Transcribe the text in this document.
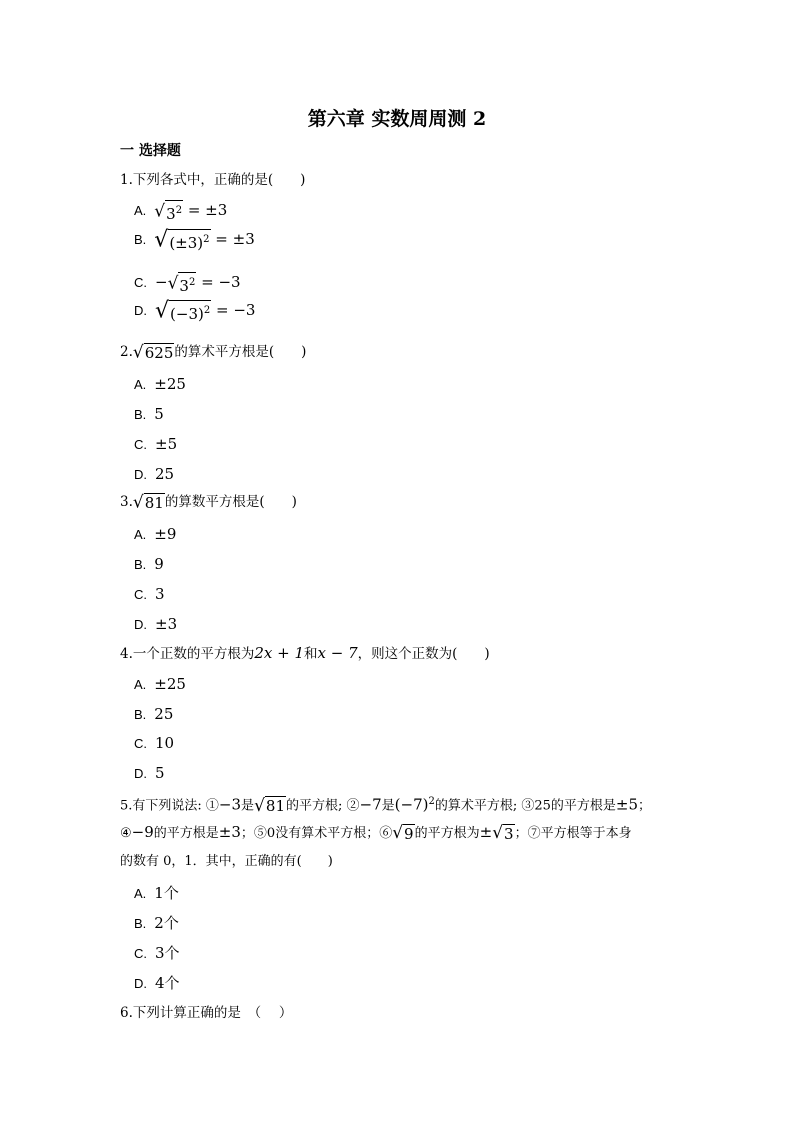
第六章 实数周周测 2
一 选择题
1.下列各式中，正确的是(　　)
A. $√3^2 = \pm 3$
B. $√(\pm 3)^2 = \pm 3$
C. $-√3^2 = -3$
D. $√(-3)^2 = -3$
2.√625的算术平方根是(　　)
A. ±25
B. 5
C. ±5
D. 25
3.√81的算数平方根是(　　)
A. ±9
B. 9
C. 3
D. ±3
4.一个正数的平方根为2x + 1和x − 7，则这个正数为(　　)
A. ±25
B. 25
C. 10
D. 5
5.有下列说法: ①−3是√81的平方根; ②−7是$(-7)^2$的算术平方根; ③25的平方根是±5；
④−9的平方根是±3；⑤0没有算术平方根；⑥√9的平方根为±√3；⑦平方根等于本身
的数有 0，1．其中，正确的有(　　)
A. 1个
B. 2个
C. 3个
D. 4个
6.下列计算正确的是　（　 ）
